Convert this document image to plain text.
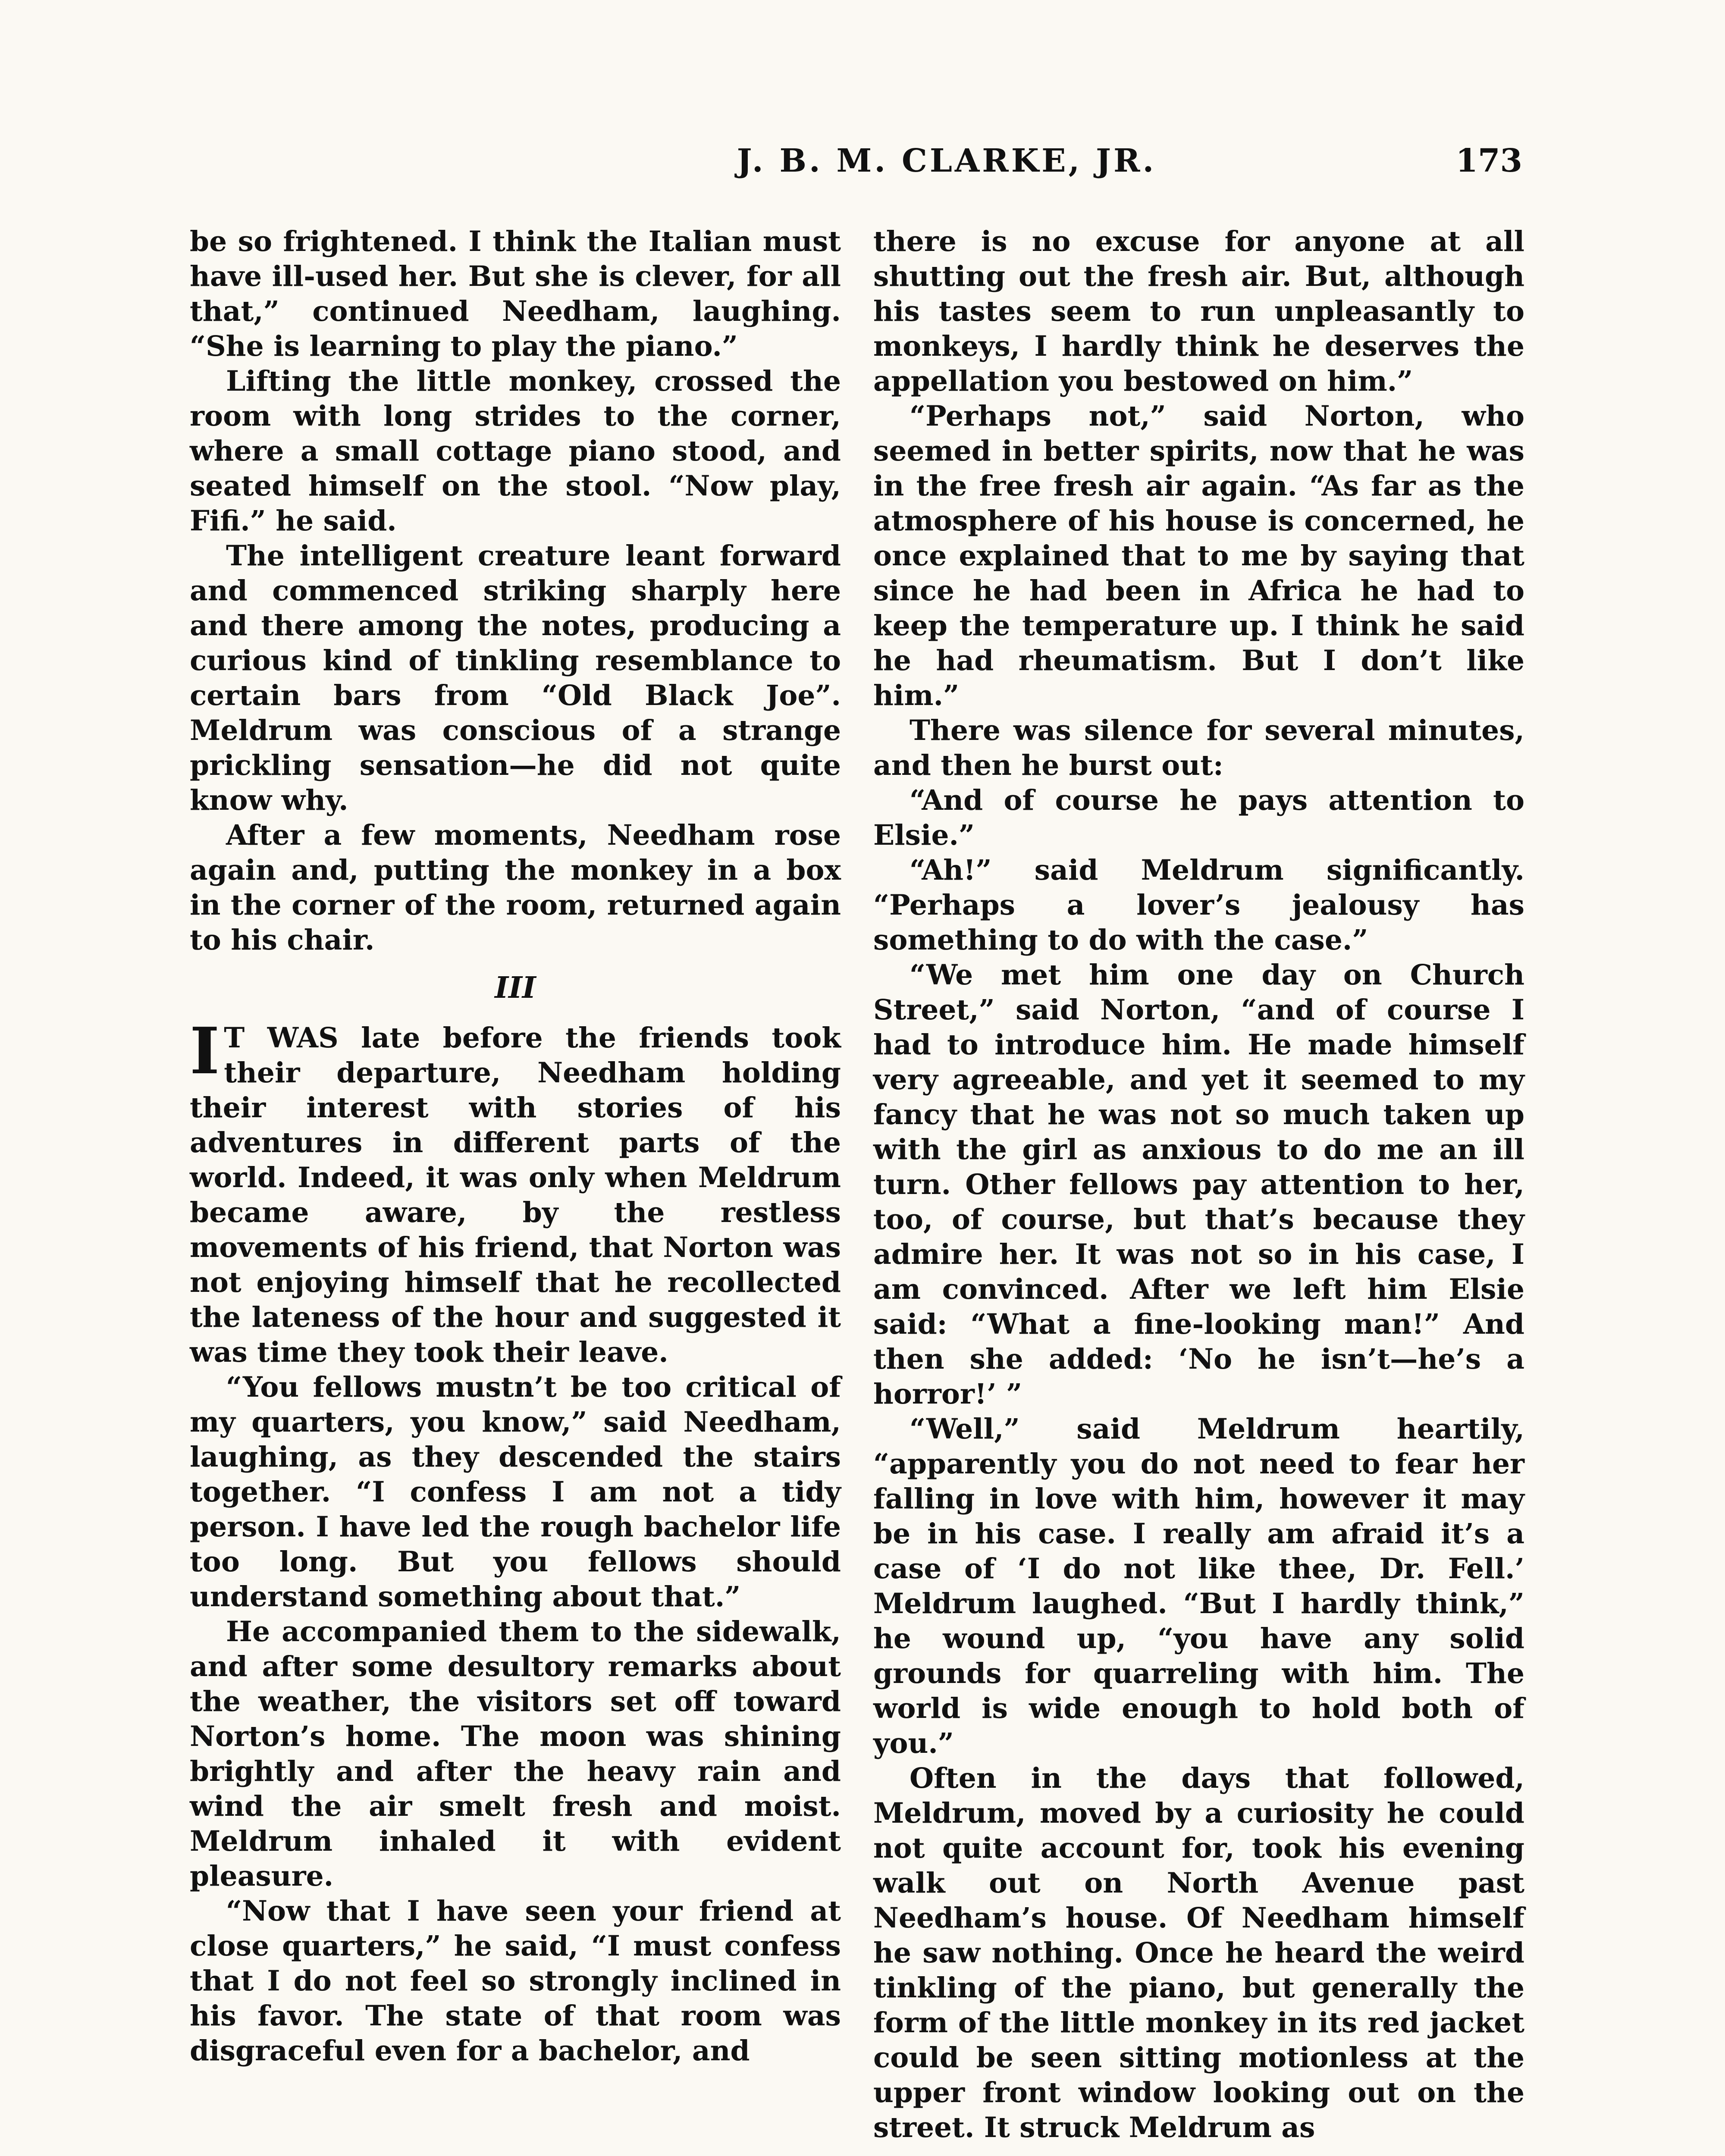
J. B. M. CLARKE, JR.	173

be so frightened. I think the Italian must have ill-used her. But she is clever, for all that,” continued Needham, laughing. “She is learning to play the piano.”

Lifting the little monkey, crossed the room with long strides to the corner, where a small cottage piano stood, and seated himself on the stool. “Now play, Fifi.” he said.

The intelligent creature leant forward and commenced striking sharply here and there among the notes, producing a curious kind of tinkling resemblance to certain bars from “Old Black Joe”. Meldrum was conscious of a strange prickling sensation—he did not quite know why.

After a few moments, Needham rose again and, putting the monkey in a box in the corner of the room, returned again to his chair.

III

I T WAS late before the friends took their departure, Needham holding their interest with stories of his adventures in different parts of the world. Indeed, it was only when Meldrum became aware, by the restless movements of his friend, that Norton was not enjoying himself that he recollected the lateness of the hour and suggested it was time they took their leave.

“You fellows mustn’t be too critical of my quarters, you know,” said Needham, laughing, as they descended the stairs together. “I confess I am not a tidy person. I have led the rough bachelor life too long. But you fellows should understand something about that.”

He accompanied them to the sidewalk, and after some desultory remarks about the weather, the visitors set off toward Norton’s home. The moon was shining brightly and after the heavy rain and wind the air smelt fresh and moist. Meldrum inhaled it with evident pleasure.

“Now that I have seen your friend at close quarters,” he said, “I must confess that I do not feel so strongly inclined in his favor. The state of that room was disgraceful even for a bachelor, and

there is no excuse for anyone at all shutting out the fresh air. But, although his tastes seem to run unpleasantly to monkeys, I hardly think he deserves the appellation you bestowed on him.”

“Perhaps not,” said Norton, who seemed in better spirits, now that he was in the free fresh air again. “As far as the atmosphere of his house is concerned, he once explained that to me by saying that since he had been in Africa he had to keep the temperature up. I think he said he had rheumatism. But I don’t like him.”

There was silence for several minutes, and then he burst out:

“And of course he pays attention to Elsie.”

“Ah!” said Meldrum significantly. “Perhaps a lover’s jealousy has something to do with the case.”

“We met him one day on Church Street,” said Norton, “and of course I had to introduce him. He made himself very agreeable, and yet it seemed to my fancy that he was not so much taken up with the girl as anxious to do me an ill turn. Other fellows pay attention to her, too, of course, but that’s because they admire her. It was not so in his case, I am convinced. After we left him Elsie said: “What a fine-looking man!” And then she added: ‘No he isn’t—he’s a horror!’ ”

“Well,” said Meldrum heartily, “apparently you do not need to fear her falling in love with him, however it may be in his case. I really am afraid it’s a case of ‘I do not like thee, Dr. Fell.’ Meldrum laughed. “But I hardly think,” he wound up, “you have any solid grounds for quarreling with him. The world is wide enough to hold both of you.”

Often in the days that followed, Meldrum, moved by a curiosity he could not quite account for, took his evening walk out on North Avenue past Needham’s house. Of Needham himself he saw nothing. Once he heard the weird tinkling of the piano, but generally the form of the little monkey in its red jacket could be seen sitting motionless at the upper front window looking out on the street. It struck Meldrum as
